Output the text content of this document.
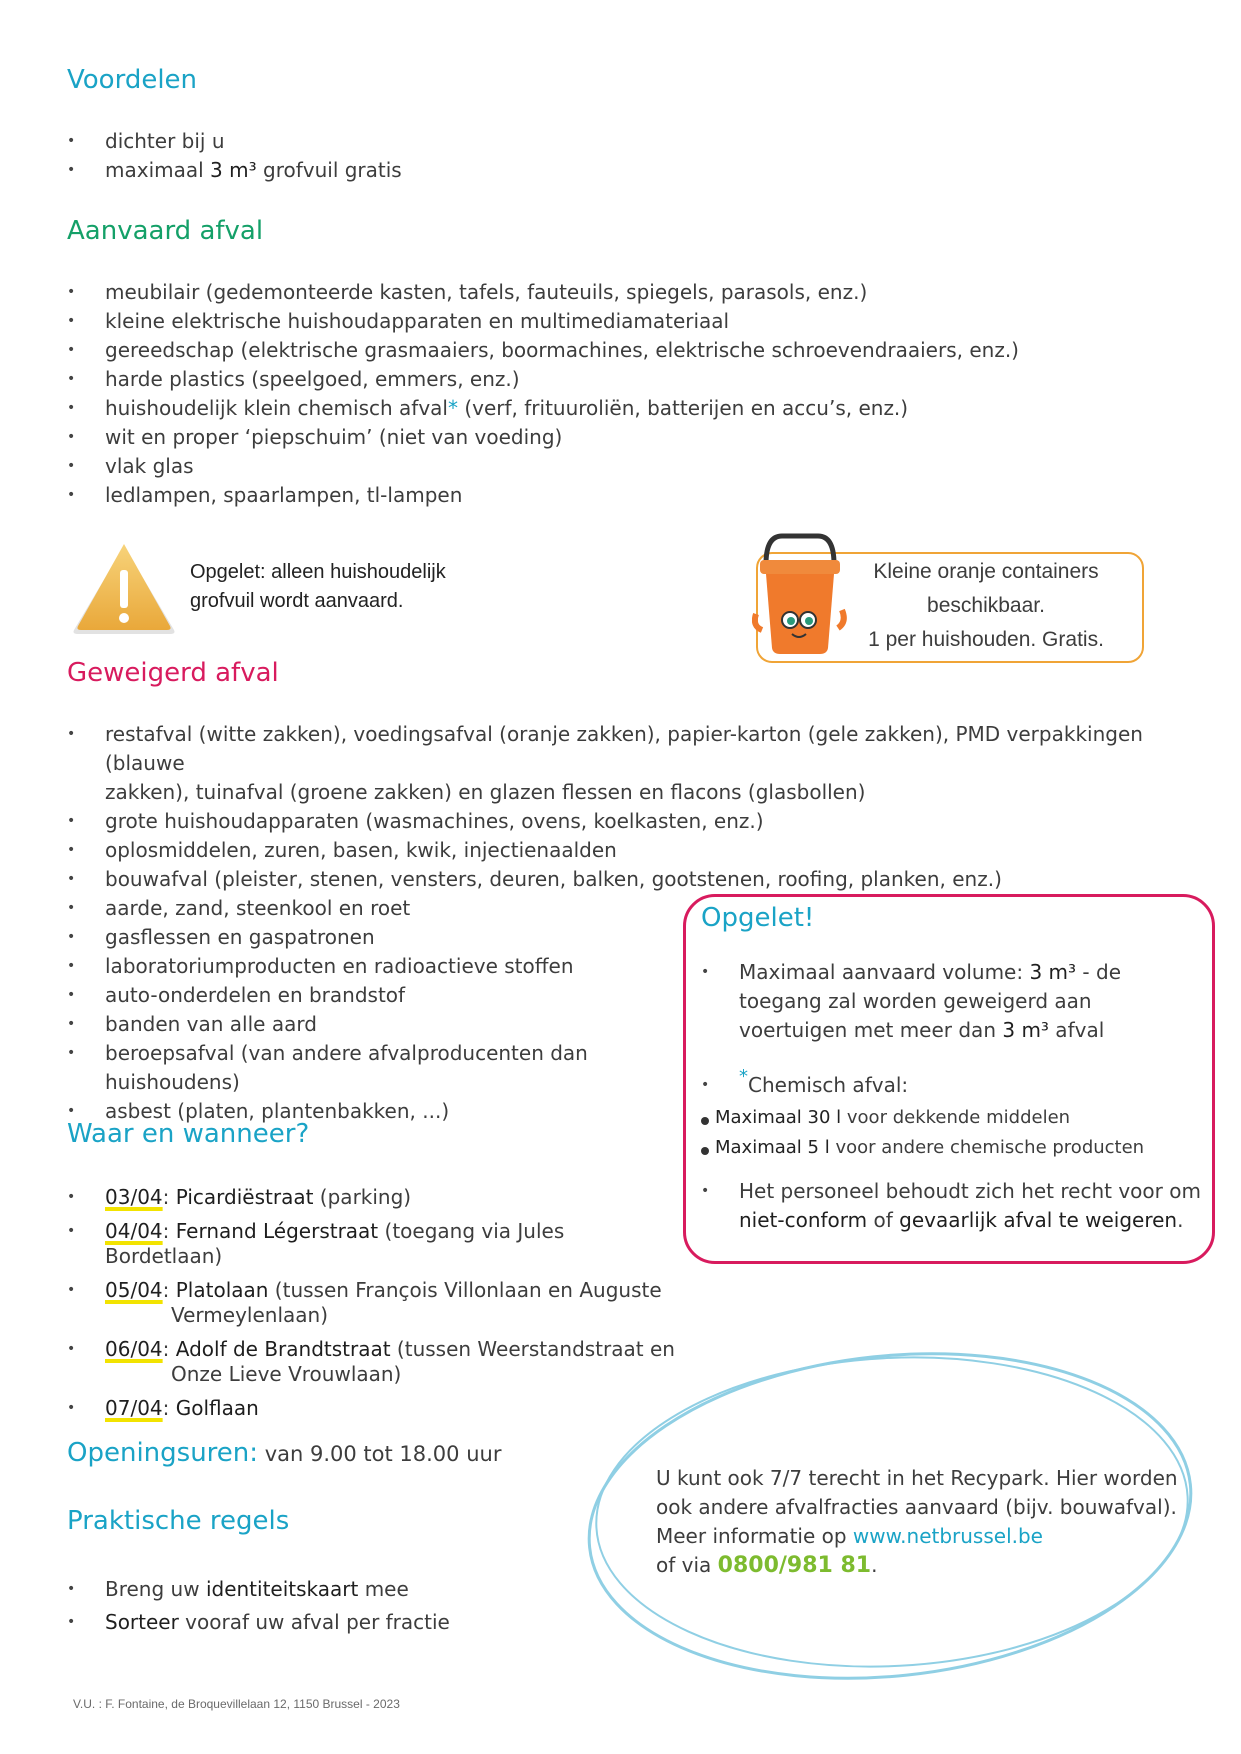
Voordelen
• dichter bij u
• maximaal 3 m³ grofvuil gratis
Aanvaard afval
• meubilair (gedemonteerde kasten, tafels, fauteuils, spiegels, parasols, enz.)
• kleine elektrische huishoudapparaten en multimediamateriaal
• gereedschap (elektrische grasmaaiers, boormachines, elektrische schroevendraaiers, enz.)
• harde plastics (speelgoed, emmers, enz.)
• huishoudelijk klein chemisch afval* (verf, frituuroliën, batterijen en accu’s, enz.)
• wit en proper ‘piepschuim’ (niet van voeding)
• vlak glas
• ledlampen, spaarlampen, tl-lampen
Opgelet: alleen huishoudelijk
grofvuil wordt aanvaard.
Kleine oranje containers
beschikbaar.
1 per huishouden. Gratis.
Geweigerd afval
• restafval (witte zakken), voedingsafval (oranje zakken), papier-karton (gele zakken), PMD verpakkingen (blauwe
zakken), tuinafval (groene zakken) en glazen flessen en flacons (glasbollen)
• grote huishoudapparaten (wasmachines, ovens, koelkasten, enz.)
• oplosmiddelen, zuren, basen, kwik, injectienaalden
• bouwafval (pleister, stenen, vensters, deuren, balken, gootstenen, roofing, planken, enz.)
• aarde, zand, steenkool en roet
• gasflessen en gaspatronen
• laboratoriumproducten en radioactieve stoffen
• auto-onderdelen en brandstof
• banden van alle aard
• beroepsafval (van andere afvalproducenten dan
huishoudens)
• asbest (platen, plantenbakken, ...)
Opgelet!
• Maximaal aanvaard volume: 3 m³ - de
toegang zal worden geweigerd aan
voertuigen met meer dan 3 m³ afval
• *Chemisch afval:
Maximaal 30 l voor dekkende middelen
Maximaal 5 l voor andere chemische producten
• Het personeel behoudt zich het recht voor om
niet-conform of gevaarlijk afval te weigeren.
Waar en wanneer?
• 03/04: Picardiëstraat (parking)
• 04/04: Fernand Légerstraat (toegang via Jules Bordetlaan)
• 05/04: Platolaan (tussen François Villonlaan en Auguste
Vermeylenlaan)
• 06/04: Adolf de Brandtstraat (tussen Weerstandstraat en
Onze Lieve Vrouwlaan)
• 07/04: Golflaan
Openingsuren: van 9.00 tot 18.00 uur
Praktische regels
• Breng uw identiteitskaart mee
• Sorteer vooraf uw afval per fractie
U kunt ook 7/7 terecht in het Recypark. Hier worden
ook andere afvalfracties aanvaard (bijv. bouwafval).
Meer informatie op www.netbrussel.be
of via 0800/981 81.
V.U. : F. Fontaine, de Broquevillelaan 12, 1150 Brussel - 2023
